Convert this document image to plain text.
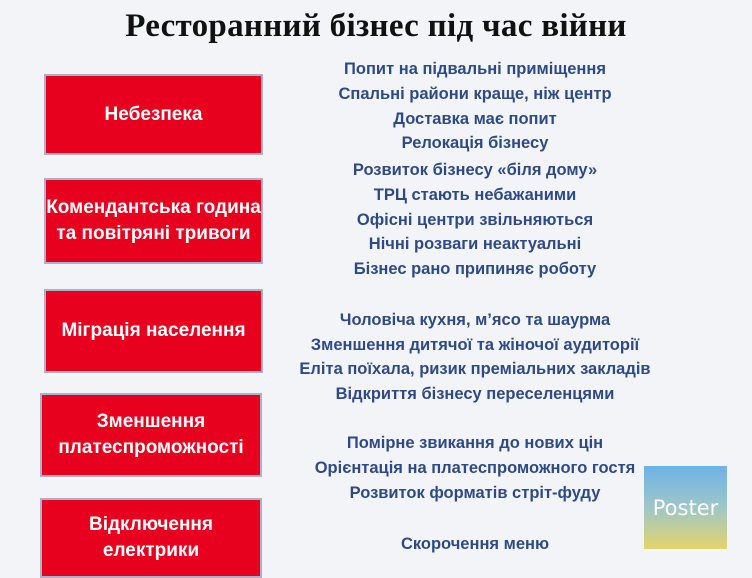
Ресторанний бізнес під час війни
Небезпека
Комендантська година та повітряні тривоги
Міграція населення
Зменшення платеспроможності
Відключення електрики
Попит на підвальні приміщення
Спальні райони краще, ніж центр
Доставка має попит
Релокація бізнесу
Розвиток бізнесу «біля дому»
ТРЦ стають небажаними
Офісні центри звільняються
Нічні розваги неактуальні
Бізнес рано припиняє роботу
Чоловіча кухня, м’ясо та шаурма
Зменшення дитячої та жіночої аудиторії
Еліта поїхала, ризик преміальних закладів
Відкриття бізнесу переселенцями
Помірне звикання до нових цін
Орієнтація на платеспроможного гостя
Розвиток форматів стріт-фуду
Скорочення меню
Poster
